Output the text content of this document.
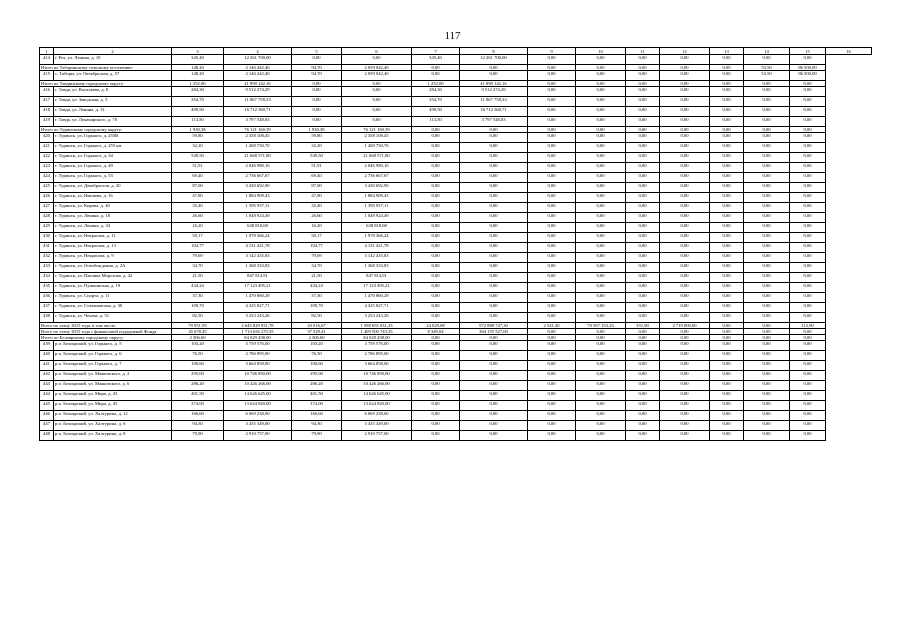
117
1	2	3	4	5	6	7	8	9	10	11	12	13	14	15	16
414	г. Рех, ул. Ленина, д. 10	345,40	12 261 700,00	0,00	0,00	345,40	12 261 700,00	0,00	0,00	0,00	0,00	0,00	0,00	0,00	
Итого по Таборинскому сельскому поселению:		148,20	2 146 442,40	94,70	2 059 942,40	0,00	0,00	0,00	0,00	0,00	0,00	0,00	53,50	86 500,00	
415	с. Таборы, ул. Октябрьская, д. 57	148,20	2 146 442,40	94,70	2 059 942,40	0,00	0,00	0,00	0,00	0,00	0,00	0,00	53,50	86 500,00	
Итого по Тавдинскому городскому округу:		1 252,00	41 890 142,16	0,00	0,00	1 252,00	41 890 142,16	0,00	0,00	0,00	0,00	0,00	0,00	0,00	
416	г. Тавда, ул. Васильева, д. 8	284,30	9 512 274,29	0,00	0,00	284,30	9 512 274,29	0,00	0,00	0,00	0,00	0,00	0,00	0,00	
417	г. Тавда, ул. Заводская, д. 3	354,70	11 867 758,33	0,00	0,00	354,70	11 867 758,33	0,00	0,00	0,00	0,00	0,00	0,00	0,00	
418	г. Тавда, ул. Ленина, д. 31	499,50	16 712 560,71	0,00	0,00	499,50	16 712 560,71	0,00	0,00	0,00	0,00	0,00	0,00	0,00	
419	г. Тавда, ул. Луначарского, д. 70	113,50	3 797 548,83	0,00	0,00	113,50	3 797 548,83	0,00	0,00	0,00	0,00	0,00	0,00	0,00	
Итого по Туринскому городскому округу:		1 930,38	76 121 160,39	1 930,38	76 121 160,39	0,00	0,00	0,00	0,00	0,00	0,00	0,00	0,00	0,00	
420	г. Туринск, ул. Горького, д. 255В	59,80	2 358 108,45	59,80	2 358 108,45	0,00	0,00	0,00	0,00	0,00	0,00	0,00	0,00	0,00	
421	г. Туринск, ул. Горького, д. 255 км	32,20	1 269 750,70	32,20	1 269 750,70	0,00	0,00	0,00	0,00	0,00	0,00	0,00	0,00	0,00	
422	г. Туринск, ул. Горького, д. 34	549,50	21 668 571,80	549,50	21 668 571,80	0,00	0,00	0,00	0,00	0,00	0,00	0,00	0,00	0,00	
423	г. Туринск, ул. Горького, д. 49	51,91	2 046 980,10	51,91	2 046 980,10	0,00	0,00	0,00	0,00	0,00	0,00	0,00	0,00	0,00	
424	г. Туринск, ул. Горького, д. 53	69,40	2 736 667,67	69,40	2 736 667,67	0,00	0,00	0,00	0,00	0,00	0,00	0,00	0,00	0,00	
425	г. Туринск, ул. Декабристов, д. 20	87,00	3 430 692,90	87,00	3 430 692,90	0,00	0,00	0,00	0,00	0,00	0,00	0,00	0,00	0,00	
426	г. Туринск, ул. Ивашева, д. 16	47,80	1 884 909,43	47,80	1 884 909,43	0,00	0,00	0,00	0,00	0,00	0,00	0,00	0,00	0,00	
427	г. Туринск, ул. Кирова, д. 40	35,40	1 395 937,11	35,40	1 395 937,11	0,00	0,00	0,00	0,00	0,00	0,00	0,00	0,00	0,00	
428	г. Туринск, ул. Ленина, д. 18	26,60	1 048 924,49	26,60	1 048 924,49	0,00	0,00	0,00	0,00	0,00	0,00	0,00	0,00	0,00	
429	г. Туринск, ул. Ленина, д. 34	16,20	638 818,68	16,20	638 818,68	0,00	0,00	0,00	0,00	0,00	0,00	0,00	0,00	0,00	
430	г. Туринск, ул. Некрасова, д. 11	50,17	1 978 366,24	50,17	1 978 366,24	0,00	0,00	0,00	0,00	0,00	0,00	0,00	0,00	0,00	
431	г. Туринск, ул. Некрасова, д. 13	104,77	4 131 421,78	104,77	4 131 421,78	0,00	0,00	0,00	0,00	0,00	0,00	0,00	0,00	0,00	
432	г. Туринск, ул. Некрасова, д. 9	79,69	3 142 435,83	79,69	3 142 435,83	0,00	0,00	0,00	0,00	0,00	0,00	0,00	0,00	0,00	
433	г. Туринск, ул. Освобождения, д. 2А	34,70	1 368 333,83	34,70	1 368 333,83	0,00	0,00	0,00	0,00	0,00	0,00	0,00	0,00	0,00	
434	г. Туринск, ул. Павлика Морозова, д. 42	21,50	847 814,91	21,50	847 814,91	0,00	0,00	0,00	0,00	0,00	0,00	0,00	0,00	0,00	
435	г. Туринск, ул. Пушкинская, д. 19	434,24	17 123 495,21	434,24	17 123 495,21	0,00	0,00	0,00	0,00	0,00	0,00	0,00	0,00	0,00	
436	г. Туринск, ул. Спорта, д. 11	37,30	1 470 860,29	37,30	1 470 860,29	0,00	0,00	0,00	0,00	0,00	0,00	0,00	0,00	0,00	
437	г. Туринск, ул. Стахановская, д. 30	109,70	4 325 827,71	109,70	4 325 827,71	0,00	0,00	0,00	0,00	0,00	0,00	0,00	0,00	0,00	
438	г. Туринск, ул. Чехова, д. 51	82,50	3 253 243,26	82,50	3 253 243,26	0,00	0,00	0,00	0,00	0,00	0,00	0,00	0,00	0,00	
Всего по этапу 2015 года, в том числе:		70 951,95	2 645 829 931,78	43 016,67	1 598 655 031,25	24 029,08	972 888 747,30	2 541,40	70 567 153,23	351,90	2 719 000,00	0,00	0,00	112,90	
Всего по этапу 2015 года с финансовой поддержкой Фонда		45 678,45	1 713 656 270,35	37 329,41	1 409 500 743,35	8 349,04	304 155 527,00	0,00	0,00	0,00	0,00	0,00	0,00	0,00	
Итого по Белоярскому городскому округу:		2 306,60	84 029 438,00	2 306,60	84 029 438,00	0,00	0,00	0,00	0,00	0,00	0,00	0,00	0,00	0,00	
439	р.п. Белоярский, ул. Горького, д. 5	103,20	3 759 576,00	103,20	3 759 576,00	0,00	0,00	0,00	0,00	0,00	0,00	0,00	0,00	0,00	
440	р.п. Белоярский, ул. Горького, д. 6	76,50	2 786 895,00	76,50	2 786 895,00	0,00	0,00	0,00	0,00	0,00	0,00	0,00	0,00	0,00	
441	р.п. Белоярский, ул. Горького, д. 7	100,60	3 664 858,00	100,60	3 664 858,00	0,00	0,00	0,00	0,00	0,00	0,00	0,00	0,00	0,00	
442	р.п. Белоярский, ул. Маяковского, д. 2	295,00	10 746 850,00	295,00	10 746 850,00	0,00	0,00	0,00	0,00	0,00	0,00	0,00	0,00	0,00	
443	р.п. Белоярский, ул. Маяковского, д. 6	286,20	10 426 266,00	286,20	10 426 266,00	0,00	0,00	0,00	0,00	0,00	0,00	0,00	0,00	0,00	
444	р.п. Белоярский, ул. Мира, д. 43	401,50	14 626 645,00	401,50	14 626 645,00	0,00	0,00	0,00	0,00	0,00	0,00	0,00	0,00	0,00	
445	р.п. Белоярский, ул. Мира, д. 45	374,00	13 624 820,00	374,00	13 624 820,00	0,00	0,00	0,00	0,00	0,00	0,00	0,00	0,00	0,00	
446	р.п. Белоярский, ул. Халтурина, д. 12	166,60	6 069 238,00	166,60	6 069 238,00	0,00	0,00	0,00	0,00	0,00	0,00	0,00	0,00	0,00	
447	р.п. Белоярский, ул. Халтурина, д. 6	94,30	3 435 349,00	94,30	3 435 349,00	0,00	0,00	0,00	0,00	0,00	0,00	0,00	0,00	0,00	
448	р.п. Белоярский, ул. Халтурина, д. 8	79,90	2 910 757,00	79,90	2 910 757,00	0,00	0,00	0,00	0,00	0,00	0,00	0,00	0,00	0,00	
